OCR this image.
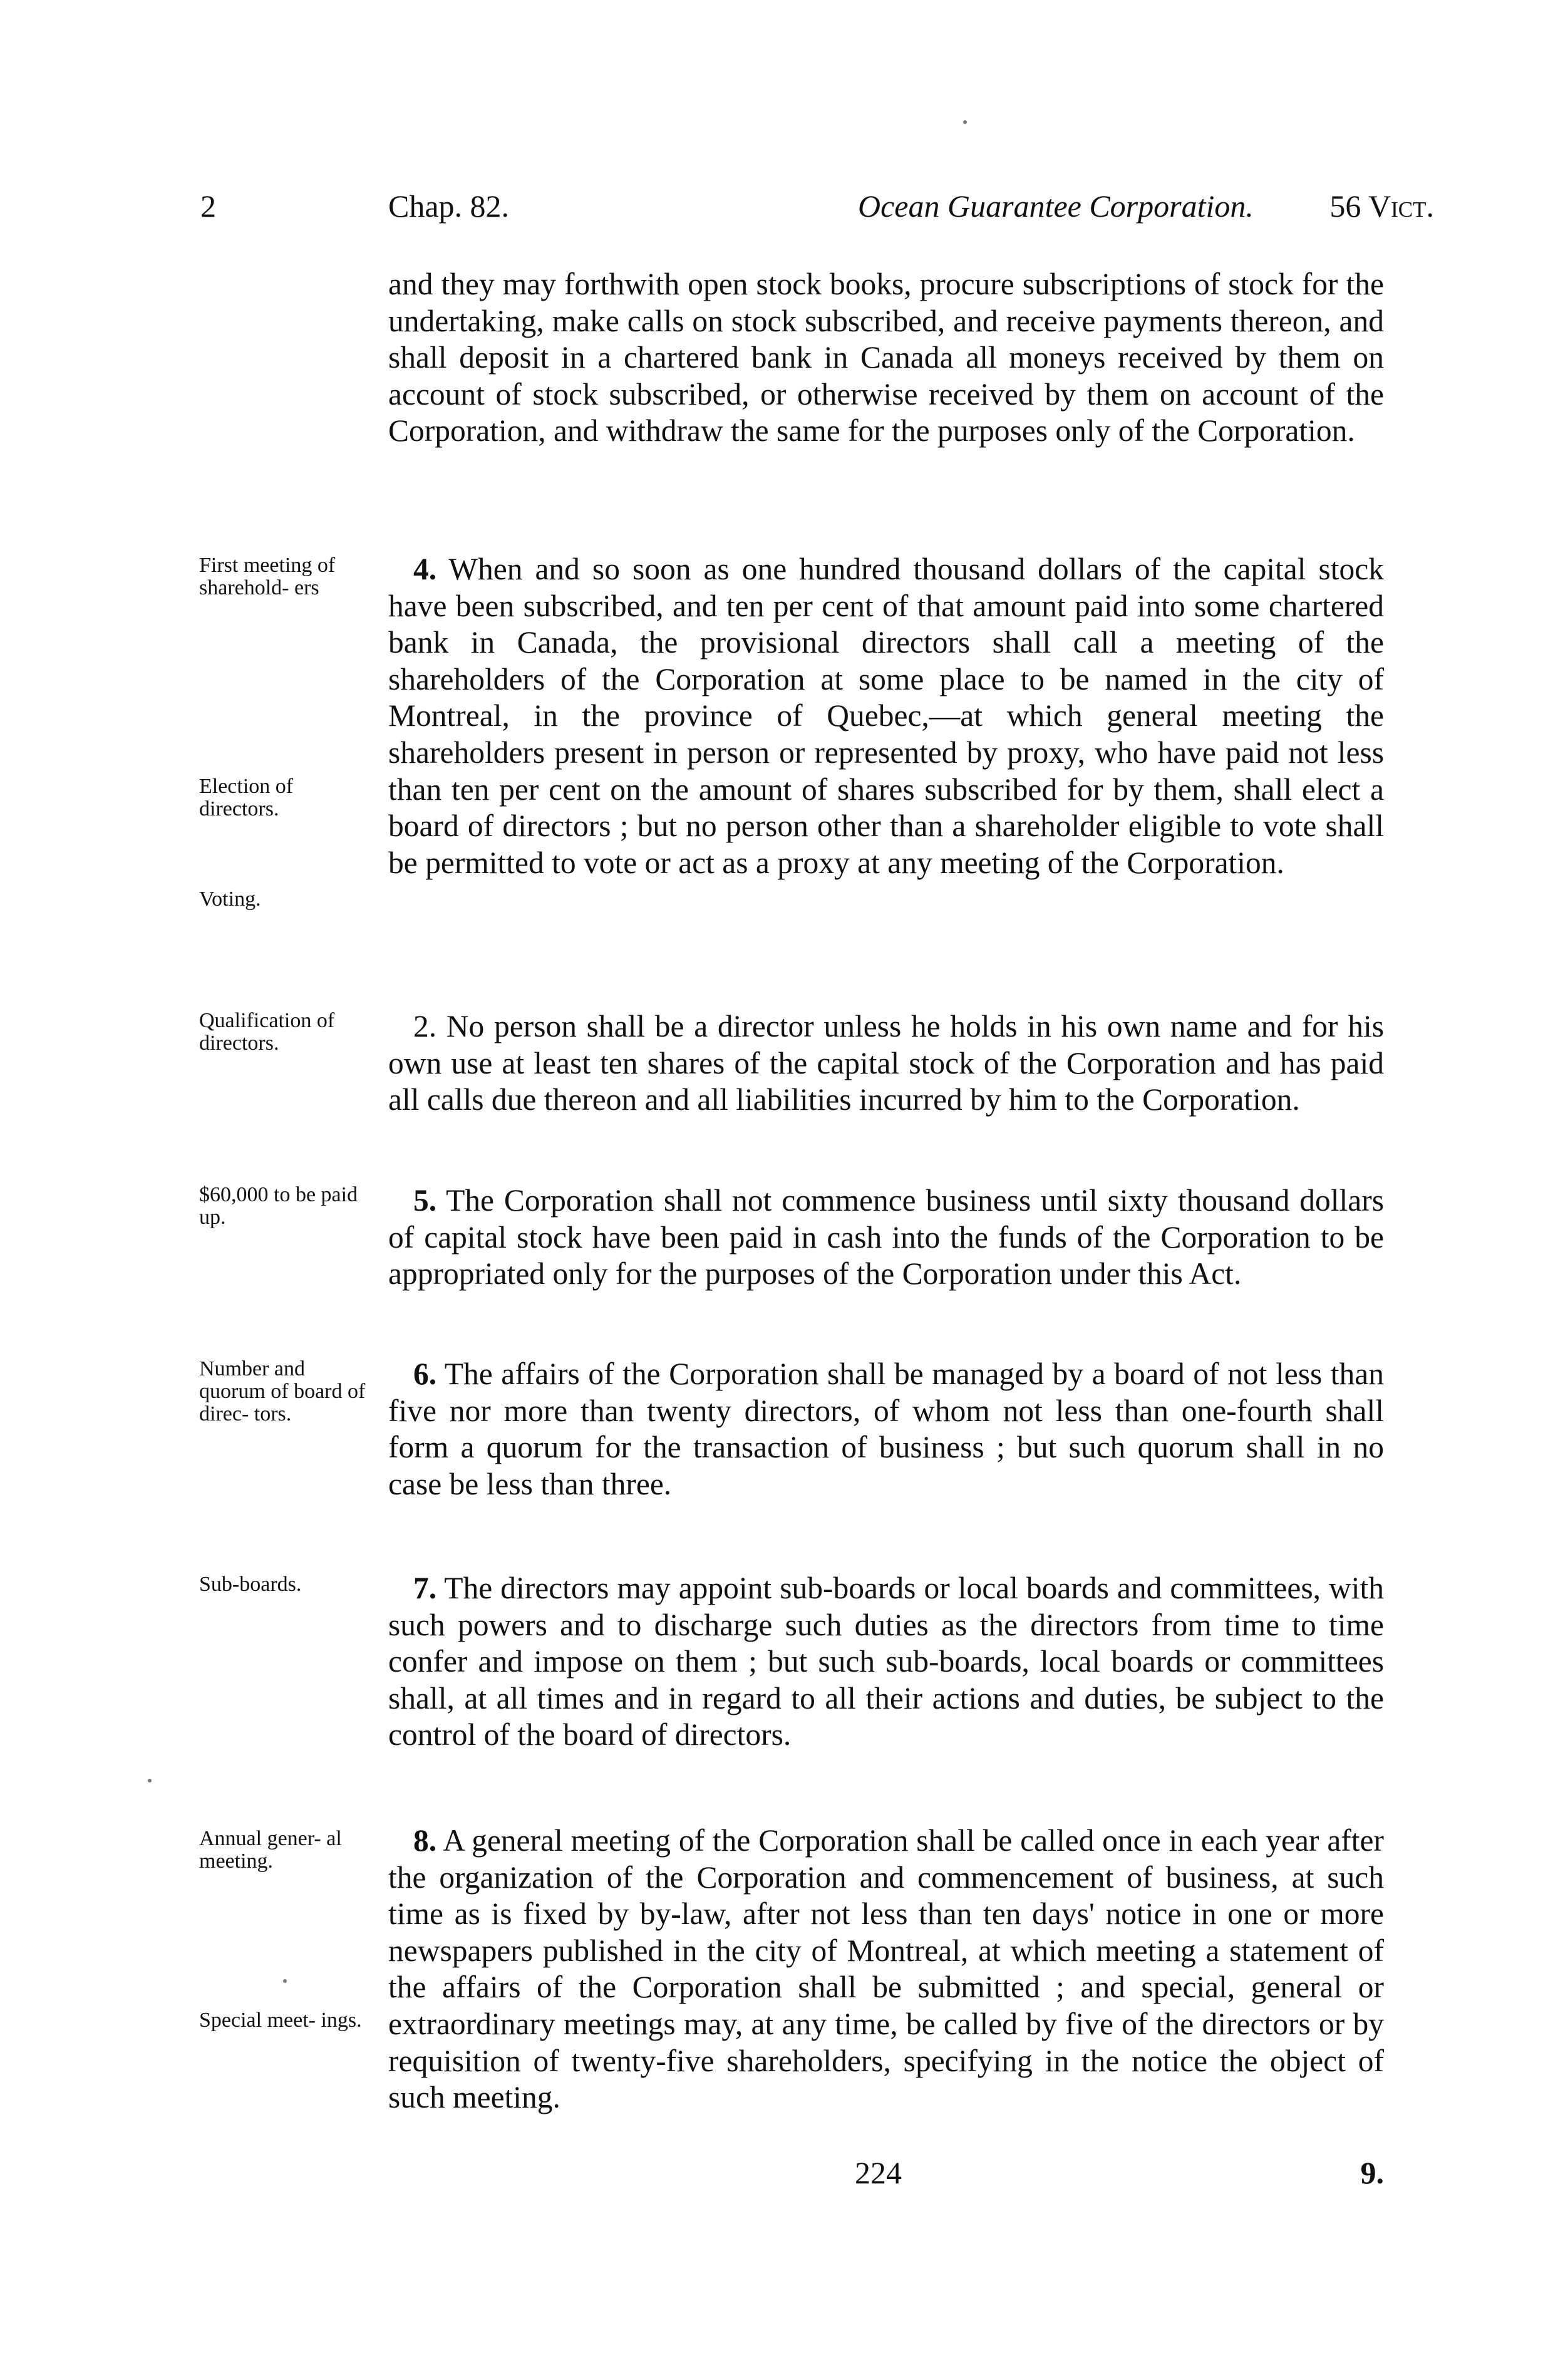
2	Chap. 82.	Ocean Guarantee Corporation. 56 Vict.

and they may forthwith open stock books, procure subscriptions of stock for the undertaking, make calls on stock subscribed, and receive payments thereon, and shall deposit in a chartered bank in Canada all moneys received by them on account of stock subscribed, or otherwise received by them on account of the Corporation, and withdraw the same for the purposes only of the Corporation.

4. When and so soon as one hundred thousand dollars of the capital stock have been subscribed, and ten per cent of that amount paid into some chartered bank in Canada, the provisional directors shall call a meeting of the shareholders of the Corporation at some place to be named in the city of Montreal, in the province of Quebec,—at which general meeting the shareholders present in person or represented by proxy, who have paid not less than ten per cent on the amount of shares subscribed for by them, shall elect a board of directors ; but no person other than a shareholder eligible to vote shall be permitted to vote or act as a proxy at any meeting of the Corporation.

2. No person shall be a director unless he holds in his own name and for his own use at least ten shares of the capital stock of the Corporation and has paid all calls due thereon and all liabilities incurred by him to the Corporation.

5. The Corporation shall not commence business until sixty thousand dollars of capital stock have been paid in cash into the funds of the Corporation to be appropriated only for the purposes of the Corporation under this Act.

6. The affairs of the Corporation shall be managed by a board of not less than five nor more than twenty directors, of whom not less than one-fourth shall form a quorum for the transaction of business ; but such quorum shall in no case be less than three.

7. The directors may appoint sub-boards or local boards and committees, with such powers and to discharge such duties as the directors from time to time confer and impose on them ; but such sub-boards, local boards or committees shall, at all times and in regard to all their actions and duties, be subject to the control of the board of directors.

8. A general meeting of the Corporation shall be called once in each year after the organization of the Corporation and commencement of business, at such time as is fixed by by-law, after not less than ten days' notice in one or more newspapers published in the city of Montreal, at which meeting a statement of the affairs of the Corporation shall be submitted ; and special, general or extraordinary meetings may, at any time, be called by five of the directors or by requisition of twenty-five shareholders, specifying in the notice the object of such meeting.

First meeting of sharehold- ers
Election of directors.
Voting.
Qualification of directors.
$60,000 to be paid up.
Number and quorum of board of direc- tors.
Sub-boards.
Annual gener- al meeting.
Special meet- ings.
224	9.
